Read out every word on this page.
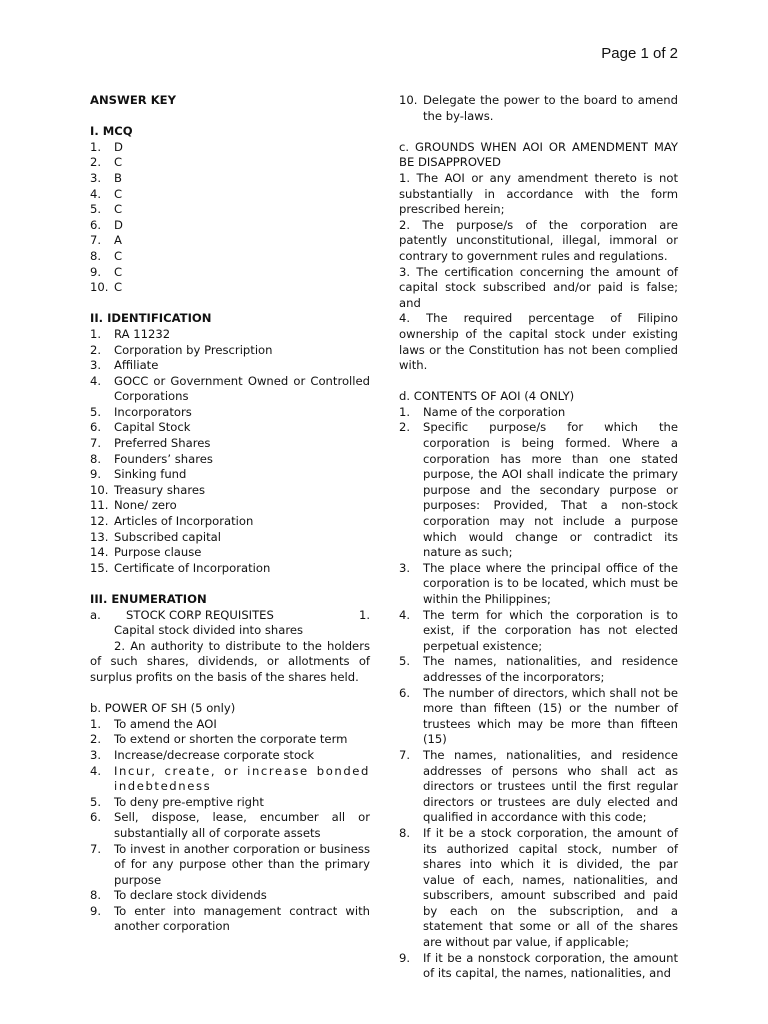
Page 1 of 2
ANSWER KEY
I. MCQ
1. D
2. C
3. B
4. C
5. C
6. D
7. A
8. C
9. C
10. C
II. IDENTIFICATION
1. RA 11232
2. Corporation by Prescription
3. Affiliate
4. GOCC or Government Owned or Controlled Corporations
5. Incorporators
6. Capital Stock
7. Preferred Shares
8. Founders’ shares
9. Sinking fund
10. Treasury shares
11. None/ zero
12. Articles of Incorporation
13. Subscribed capital
14. Purpose clause
15. Certificate of Incorporation
III. ENUMERATION
a. STOCK CORP REQUISITES	1.
Capital stock divided into shares
2. An authority to distribute to the holders of such shares, dividends, or allotments of surplus profits on the basis of the shares held.
b. POWER OF SH (5 only)
1. To amend the AOI
2. To extend or shorten the corporate term
3. Increase/decrease corporate stock
4. Incur, create, or increase bonded indebtedness
5. To deny pre-emptive right
6. Sell, dispose, lease, encumber all or substantially all of corporate assets
7. To invest in another corporation or business of for any purpose other than the primary purpose
8. To declare stock dividends
9. To enter into management contract with another corporation
10. Delegate the power to the board to amend the by-laws.
c. GROUNDS WHEN AOI OR AMENDMENT MAY BE DISAPPROVED
1. The AOI or any amendment thereto is not substantially in accordance with the form prescribed herein;
2. The purpose/s of the corporation are patently unconstitutional, illegal, immoral or contrary to government rules and regulations.
3. The certification concerning the amount of capital stock subscribed and/or paid is false; and
4. The required percentage of Filipino ownership of the capital stock under existing laws or the Constitution has not been complied with.
d. CONTENTS OF AOI (4 ONLY)
1. Name of the corporation
2. Specific purpose/s for which the corporation is being formed. Where a corporation has more than one stated purpose, the AOI shall indicate the primary purpose and the secondary purpose or purposes: Provided, That a non-stock corporation may not include a purpose which would change or contradict its nature as such;
3. The place where the principal office of the corporation is to be located, which must be within the Philippines;
4. The term for which the corporation is to exist, if the corporation has not elected perpetual existence;
5. The names, nationalities, and residence addresses of the incorporators;
6. The number of directors, which shall not be more than fifteen (15) or the number of trustees which may be more than fifteen (15)
7. The names, nationalities, and residence addresses of persons who shall act as directors or trustees until the first regular directors or trustees are duly elected and qualified in accordance with this code;
8. If it be a stock corporation, the amount of its authorized capital stock, number of shares into which it is divided, the par value of each, names, nationalities, and subscribers, amount subscribed and paid by each on the subscription, and a statement that some or all of the shares are without par value, if applicable;
9. If it be a nonstock corporation, the amount of its capital, the names, nationalities, and
